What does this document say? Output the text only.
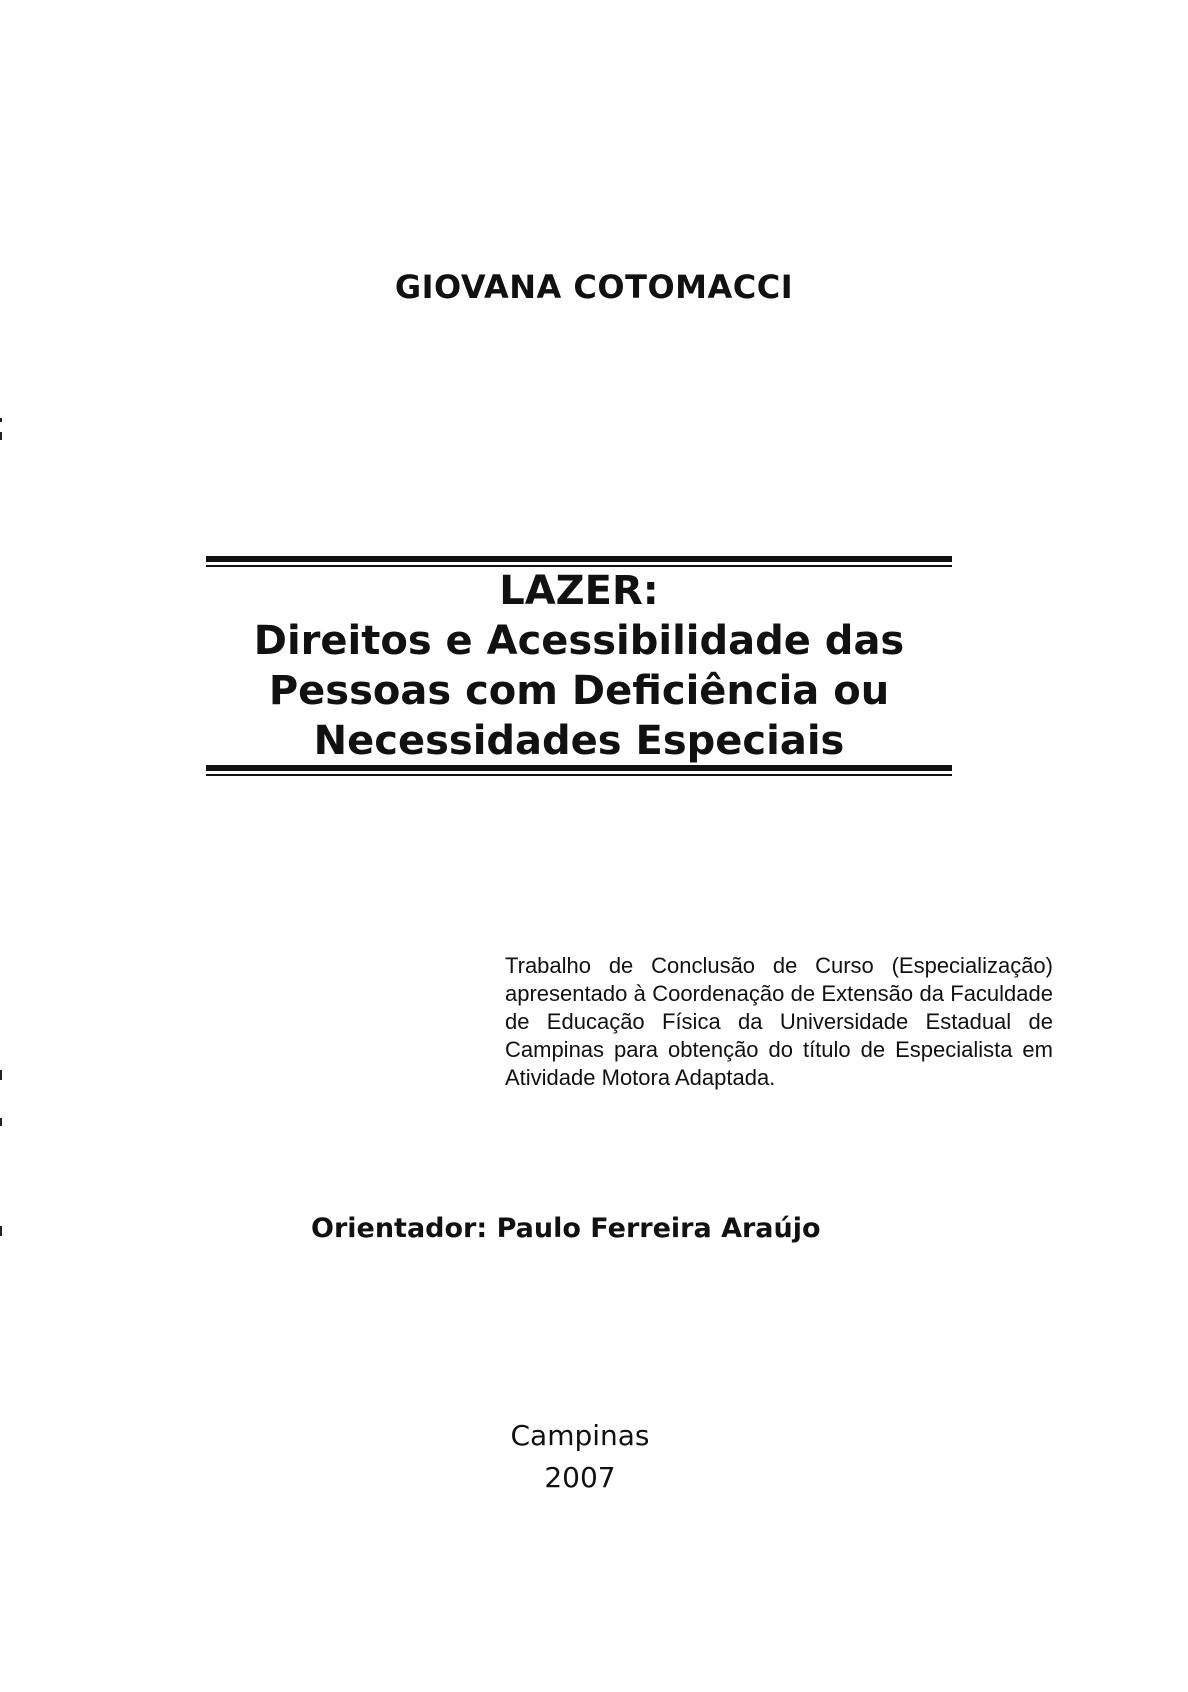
GIOVANA COTOMACCI
LAZER:
Direitos e Acessibilidade das
Pessoas com Deficiência ou
Necessidades Especiais

Trabalho de Conclusão de Curso (Especialização) apresentado à Coordenação de Extensão da Faculdade de Educação Física da Universidade Estadual de Campinas para obtenção do título de Especialista em Atividade Motora Adaptada.

Orientador: Paulo Ferreira Araújo
Campinas
2007
